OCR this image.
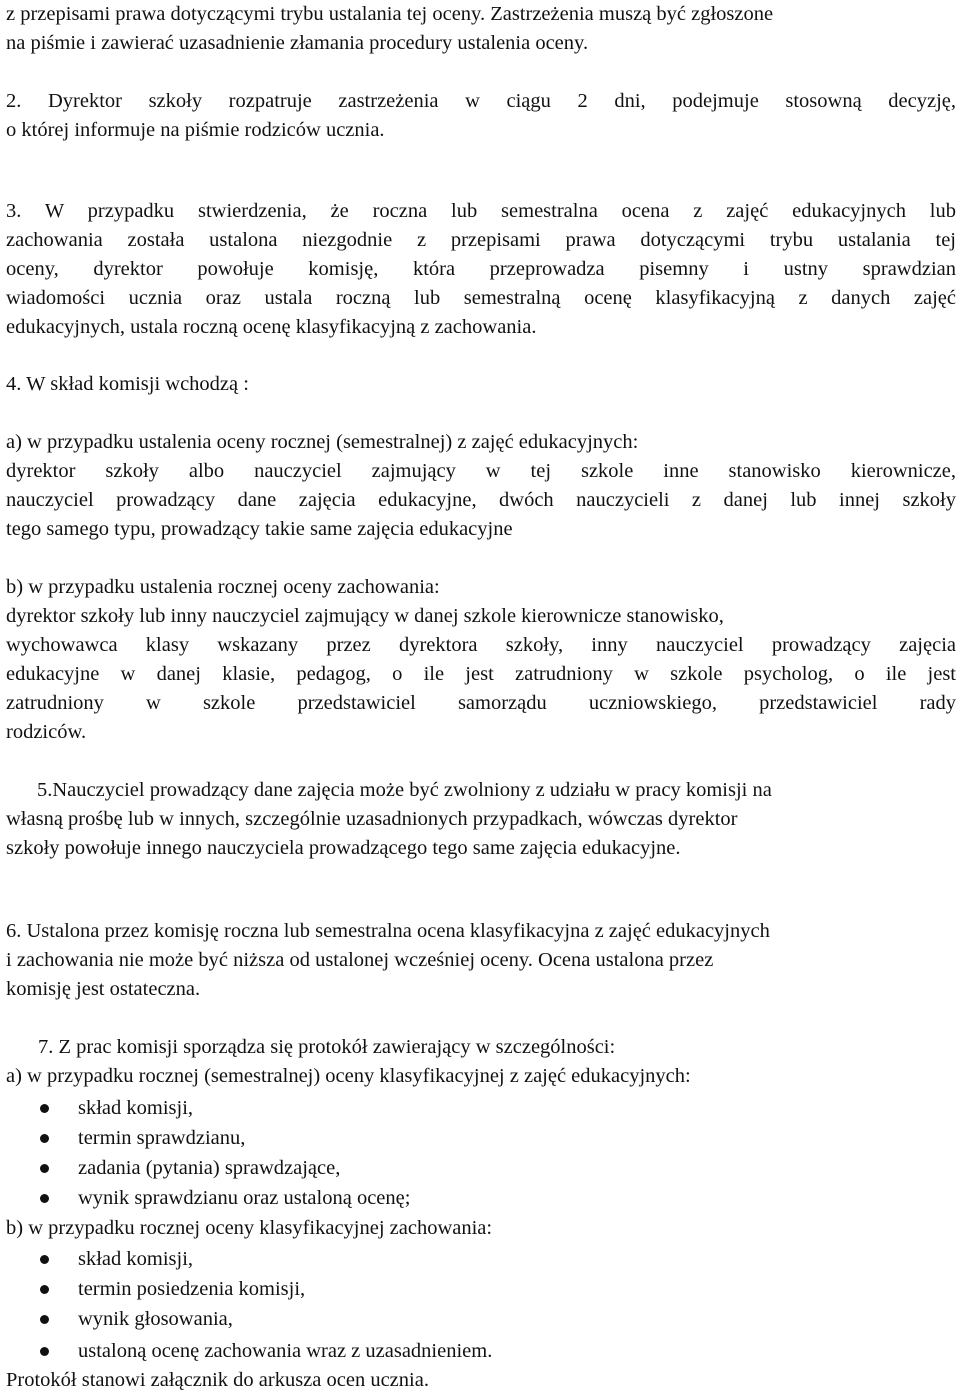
z przepisami prawa dotyczącymi trybu ustalania tej oceny. Zastrzeżenia muszą być zgłoszone
na piśmie i zawierać uzasadnienie złamania procedury ustalenia oceny.
2. Dyrektor szkoły rozpatruje zastrzeżenia w ciągu 2 dni, podejmuje stosowną decyzję,
o której informuje na piśmie rodziców ucznia.
3. W przypadku stwierdzenia, że roczna lub semestralna ocena z zajęć edukacyjnych lub
zachowania została ustalona niezgodnie z przepisami prawa dotyczącymi trybu ustalania tej
oceny, dyrektor powołuje komisję, która przeprowadza pisemny i ustny sprawdzian
wiadomości ucznia oraz ustala roczną lub semestralną ocenę klasyfikacyjną z danych zajęć
edukacyjnych, ustala roczną ocenę klasyfikacyjną z zachowania.
4. W skład komisji wchodzą :
a) w przypadku ustalenia oceny rocznej (semestralnej) z zajęć edukacyjnych:
dyrektor szkoły albo nauczyciel zajmujący w tej szkole inne stanowisko kierownicze,
nauczyciel prowadzący dane zajęcia edukacyjne, dwóch nauczycieli z danej lub innej szkoły
tego samego typu, prowadzący takie same zajęcia edukacyjne
b) w przypadku ustalenia rocznej oceny zachowania:
dyrektor szkoły lub inny nauczyciel zajmujący w danej szkole kierownicze stanowisko,
wychowawca klasy wskazany przez dyrektora szkoły, inny nauczyciel prowadzący zajęcia
edukacyjne w danej klasie, pedagog, o ile jest zatrudniony w szkole psycholog, o ile jest
zatrudniony w szkole przedstawiciel samorządu uczniowskiego, przedstawiciel rady
rodziców.
5.Nauczyciel prowadzący dane zajęcia może być zwolniony z udziału w pracy komisji na
własną prośbę lub w innych, szczególnie uzasadnionych przypadkach, wówczas dyrektor
szkoły powołuje innego nauczyciela prowadzącego tego same zajęcia edukacyjne.
6. Ustalona przez komisję roczna lub semestralna ocena klasyfikacyjna z zajęć edukacyjnych
i zachowania nie może być niższa od ustalonej wcześniej oceny. Ocena ustalona przez
komisję jest ostateczna.
7. Z prac komisji sporządza się protokół zawierający w szczególności:
a) w przypadku rocznej (semestralnej) oceny klasyfikacyjnej z zajęć edukacyjnych:
skład komisji,
termin sprawdzianu,
zadania (pytania) sprawdzające,
wynik sprawdzianu oraz ustaloną ocenę;
b) w przypadku rocznej oceny klasyfikacyjnej zachowania:
skład komisji,
termin posiedzenia komisji,
wynik głosowania,
ustaloną ocenę zachowania wraz z uzasadnieniem.
Protokół stanowi załącznik do arkusza ocen ucznia.
